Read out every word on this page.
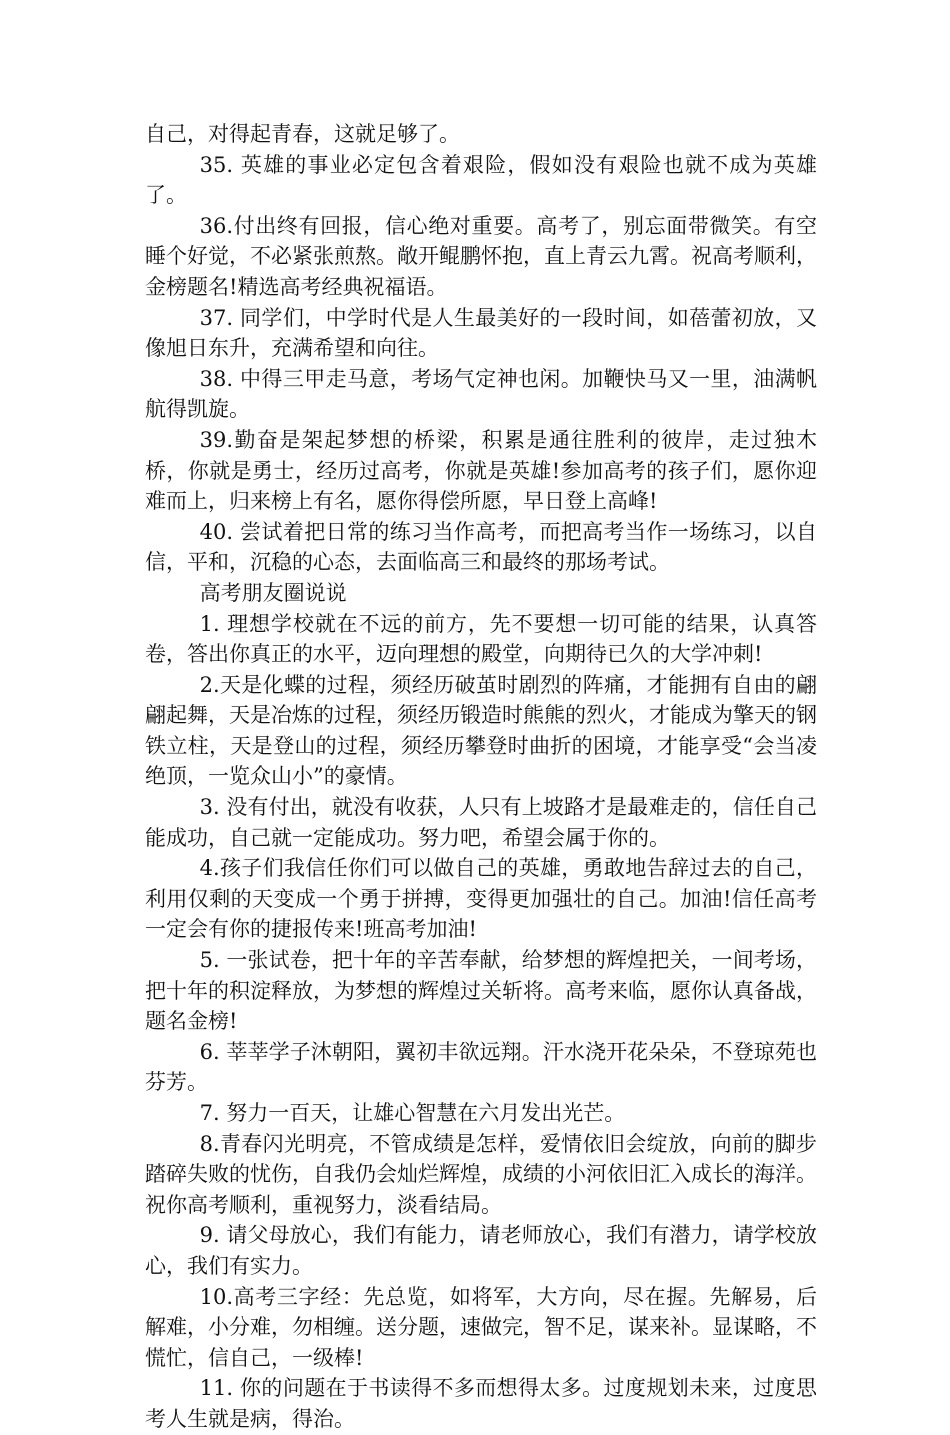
自己，对得起青春，这就足够了。

35. 英雄的事业必定包含着艰险，假如没有艰险也就不成为英雄了。

36.付出终有回报，信心绝对重要。高考了，别忘面带微笑。有空睡个好觉，不必紧张煎熬。敞开鲲鹏怀抱，直上青云九霄。祝高考顺利，金榜题名!精选高考经典祝福语。

37. 同学们，中学时代是人生最美好的一段时间，如蓓蕾初放，又像旭日东升，充满希望和向往。

38. 中得三甲走马意，考场气定神也闲。加鞭快马又一里，油满帆航得凯旋。

39.勤奋是架起梦想的桥梁，积累是通往胜利的彼岸，走过独木桥，你就是勇士，经历过高考，你就是英雄!参加高考的孩子们，愿你迎难而上，归来榜上有名，愿你得偿所愿，早日登上高峰!

40. 尝试着把日常的练习当作高考，而把高考当作一场练习，以自信，平和，沉稳的心态，去面临高三和最终的那场考试。

高考朋友圈说说

1. 理想学校就在不远的前方，先不要想一切可能的结果，认真答卷，答出你真正的水平，迈向理想的殿堂，向期待已久的大学冲刺!

2.天是化蝶的过程，须经历破茧时剧烈的阵痛，才能拥有自由的翩翩起舞，天是冶炼的过程，须经历锻造时熊熊的烈火，才能成为擎天的钢铁立柱，天是登山的过程，须经历攀登时曲折的困境，才能享受“会当凌绝顶，一览众山小”的豪情。

3. 没有付出，就没有收获，人只有上坡路才是最难走的，信任自己能成功，自己就一定能成功。努力吧，希望会属于你的。

4.孩子们我信任你们可以做自己的英雄，勇敢地告辞过去的自己，利用仅剩的天变成一个勇于拼搏，变得更加强壮的自己。加油!信任高考一定会有你的捷报传来!班高考加油!

5. 一张试卷，把十年的辛苦奉献，给梦想的辉煌把关，一间考场，把十年的积淀释放，为梦想的辉煌过关斩将。高考来临，愿你认真备战，题名金榜!

6. 莘莘学子沐朝阳，翼初丰欲远翔。汗水浇开花朵朵，不登琼苑也芬芳。

7. 努力一百天，让雄心智慧在六月发出光芒。

8.青春闪光明亮，不管成绩是怎样，爱情依旧会绽放，向前的脚步踏碎失败的忧伤，自我仍会灿烂辉煌，成绩的小河依旧汇入成长的海洋。祝你高考顺利，重视努力，淡看结局。

9. 请父母放心，我们有能力，请老师放心，我们有潜力，请学校放心，我们有实力。

10.高考三字经：先总览，如将军，大方向，尽在握。先解易，后解难，小分难，勿相缠。送分题，速做完，智不足，谋来补。显谋略，不慌忙，信自己，一级棒!

11. 你的问题在于书读得不多而想得太多。过度规划未来，过度思考人生就是病，得治。
